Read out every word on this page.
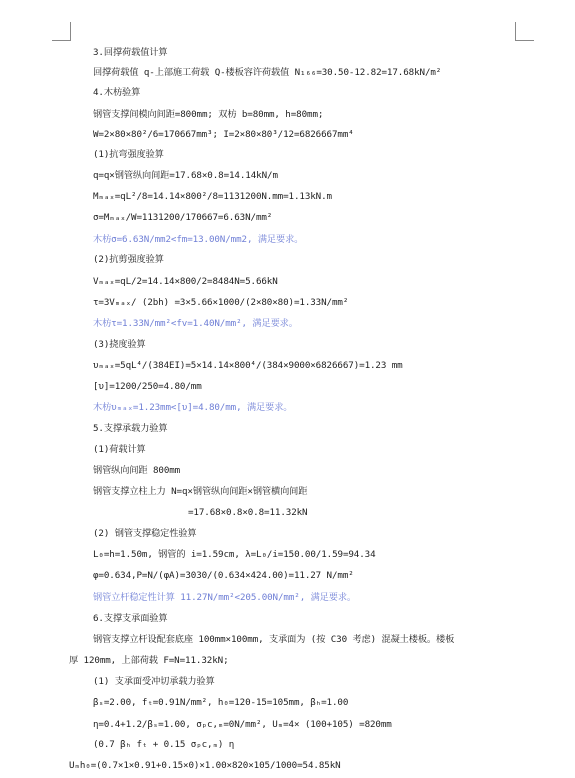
3.回撑荷载值计算
回撑荷载值 q-上部施工荷载 Q-楼板容许荷载值 N₁₆₆=30.50-12.82=17.68kN/m²
4.木枋验算
钢管支撑间模向间距=800mm; 双枋 b=80mm, h=80mm;
W=2×80×80²/6=170667mm³; I=2×80×80³/12=6826667mm⁴
(1)抗弯强度验算
q=q×钢管纵向间距=17.68×0.8=14.14kN/m
Mₘₐₓ=qL²/8=14.14×800²/8=1131200N.mm=1.13kN.m
σ=Mₘₐₓ/W=1131200/170667=6.63N/mm²
木枋σ=6.63N/mm2<fm=13.00N/mm2, 满足要求。
(2)抗剪强度验算
Vₘₐₓ=qL/2=14.14×800/2=8484N=5.66kN
τ=3Vₘₐₓ/ (2bh) =3×5.66×1000/(2×80×80)=1.33N/mm²
木枋τ=1.33N/mm²<fv=1.40N/mm², 满足要求。
(3)挠度验算
υₘₐₓ=5qL⁴/(384EI)=5×14.14×800⁴/(384×9000×6826667)=1.23 mm
[υ]=1200/250=4.80/mm
木枋υₘₐₓ=1.23mm<[υ]=4.80/mm, 满足要求。
5.支撑承载力验算
(1)荷载计算
钢管纵向间距 800mm
钢管支撑立柱上力 N=q×钢管纵向间距×钢管横向间距
=17.68×0.8×0.8=11.32kN
(2) 钢管支撑稳定性验算
L₀=h=1.50m, 钢管的 i=1.59cm, λ=L₀/i=150.00/1.59=94.34
φ=0.634,P=N/(φA)=3030/(0.634×424.00)=11.27 N/mm²
钢管立杆稳定性计算 11.27N/mm²<205.00N/mm², 满足要求。
6.支撑支承面验算
钢管支撑立杆设配套底座 100mm×100mm, 支承面为 (按 C30 考虑) 混凝土楼板。楼板
厚 120mm, 上部荷载 F=N=11.32kN;
(1) 支承面受冲切承载力验算
βₛ=2.00, fₜ=0.91N/mm², h₀=120-15=105mm, βₕ=1.00
η=0.4+1.2/βₛ=1.00, σₚc,ₘ=0N/mm², Uₘ=4× (100+105) =820mm
(0.7 βₕ fₜ + 0.15 σₚc,ₘ) η
Uₘh₀=(0.7×1×0.91+0.15×0)×1.00×820×105/1000=54.85kN
